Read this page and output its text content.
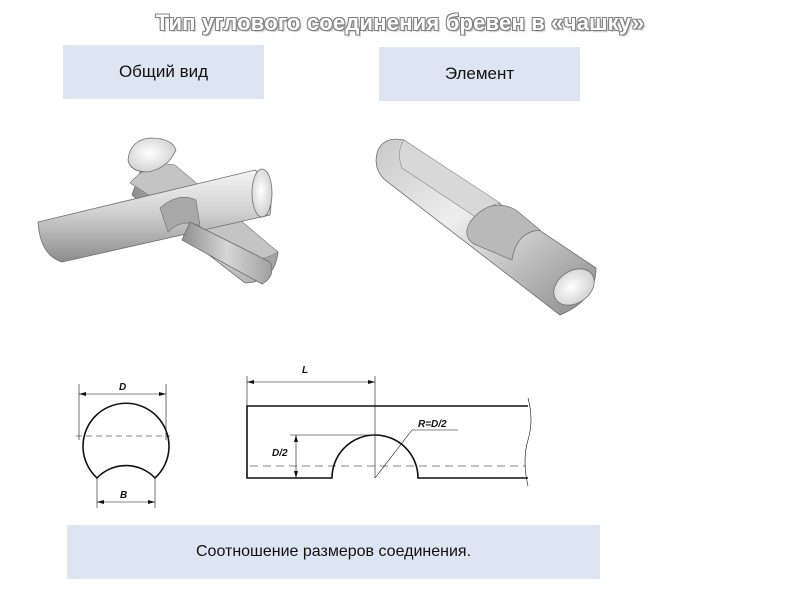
Тип углового соединения бревен в «чашку»
Общий вид	Элемент
Соотношение размеров соединения.
D
B
L
D/2
R=D/2
